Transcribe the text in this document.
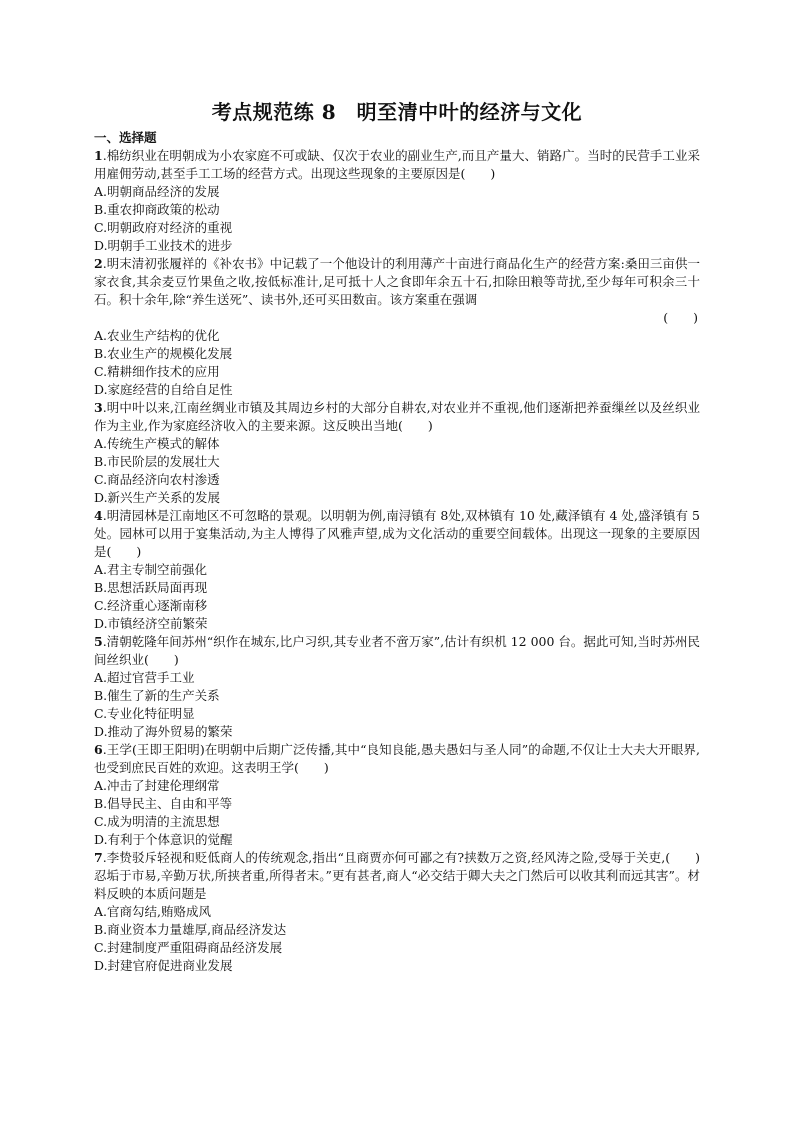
考点规范练 8　明至清中叶的经济与文化

一、选择题

1.棉纺织业在明朝成为小农家庭不可或缺、仅次于农业的副业生产,而且产量大、销路广。当时的民营手工业采用雇佣劳动,甚至手工工场的经营方式。出现这些现象的主要原因是(　　)

A.明朝商品经济的发展
B.重农抑商政策的松动
C.明朝政府对经济的重视
D.明朝手工业技术的进步

2.明末清初张履祥的《补农书》中记载了一个他设计的利用薄产十亩进行商品化生产的经营方案:桑田三亩供一家衣食,其余麦豆竹果鱼之收,按低标准计,足可抵十人之食即年余五十石,扣除田粮等苛扰,至少每年可积余三十石。积十余年,除“养生送死”、读书外,还可买田数亩。该方案重在强调

(　　)

A.农业生产结构的优化
B.农业生产的规模化发展
C.精耕细作技术的应用
D.家庭经营的自给自足性

3.明中叶以来,江南丝绸业市镇及其周边乡村的大部分自耕农,对农业并不重视,他们逐渐把养蚕缫丝以及丝织业作为主业,作为家庭经济收入的主要来源。这反映出当地(　　)

A.传统生产模式的解体
B.市民阶层的发展壮大
C.商品经济向农村渗透
D.新兴生产关系的发展

4.明清园林是江南地区不可忽略的景观。以明朝为例,南浔镇有 8处,双林镇有 10 处,藏泽镇有 4 处,盛泽镇有 5处。园林可以用于宴集活动,为主人博得了风雅声望,成为文化活动的重要空间载体。出现这一现象的主要原因是(　　)

A.君主专制空前强化
B.思想活跃局面再现
C.经济重心逐渐南移
D.市镇经济空前繁荣

5.清朝乾隆年间苏州“织作在城东,比户习织,其专业者不啻万家”,估计有织机 12 000 台。据此可知,当时苏州民间丝织业(　　)

A.超过官营手工业
B.催生了新的生产关系
C.专业化特征明显
D.推动了海外贸易的繁荣

6.王学(王即王阳明)在明朝中后期广泛传播,其中“良知良能,愚夫愚妇与圣人同”的命题,不仅让士大夫大开眼界,也受到庶民百姓的欢迎。这表明王学(　　)

A.冲击了封建伦理纲常
B.倡导民主、自由和平等
C.成为明清的主流思想
D.有利于个体意识的觉醒

(　　)
7.李贽驳斥轻视和贬低商人的传统观念,指出“且商贾亦何可鄙之有?挟数万之资,经风涛之险,受辱于关吏,忍垢于市易,辛勤万状,所挟者重,所得者末。”更有甚者,商人“必交结于卿大夫之门然后可以收其利而远其害”。材料反映的本质问题是

A.官商勾结,贿赂成风
B.商业资本力量雄厚,商品经济发达
C.封建制度严重阻碍商品经济发展
D.封建官府促进商业发展
